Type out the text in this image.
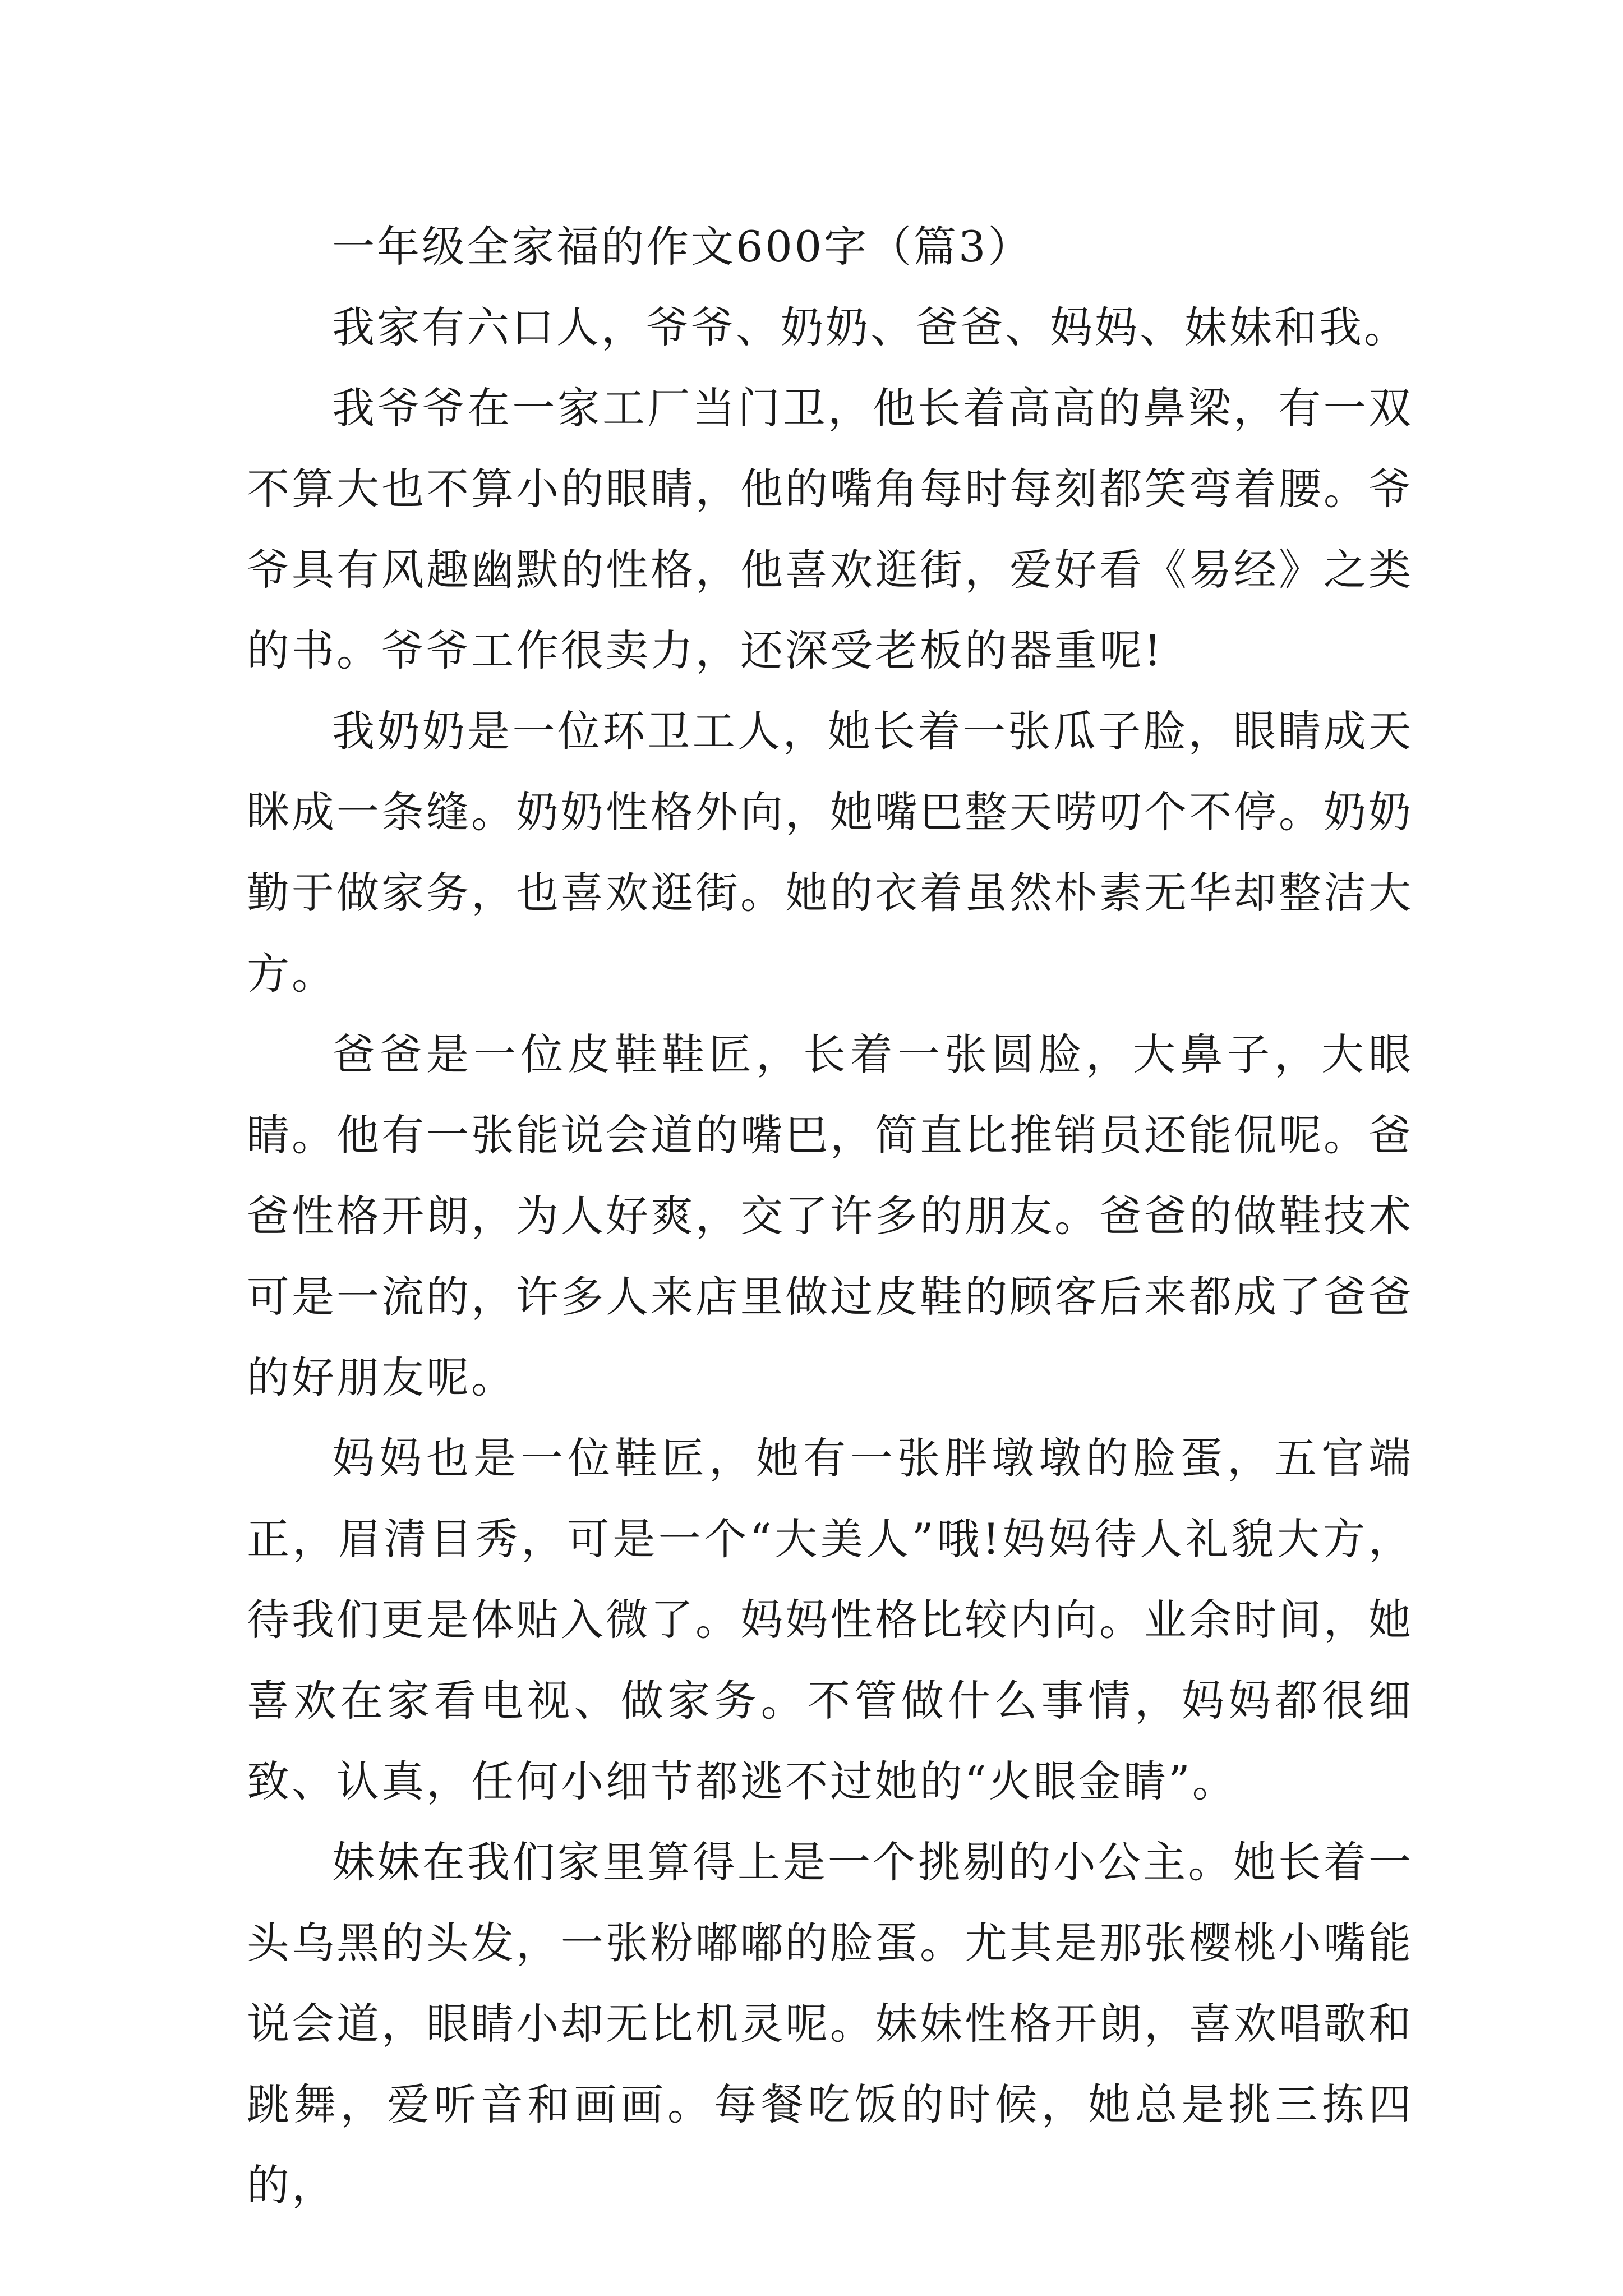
一年级全家福的作文600字（篇3）

我家有六口人，爷爷、奶奶、爸爸、妈妈、妹妹和我。

我爷爷在一家工厂当门卫，他长着高高的鼻梁，有一双不算大也不算小的眼睛，他的嘴角每时每刻都笑弯着腰。爷爷具有风趣幽默的性格，他喜欢逛街，爱好看《易经》之类的书。爷爷工作很卖力，还深受老板的器重呢!

我奶奶是一位环卫工人，她长着一张瓜子脸，眼睛成天眯成一条缝。奶奶性格外向，她嘴巴整天唠叨个不停。奶奶勤于做家务，也喜欢逛街。她的衣着虽然朴素无华却整洁大方。

爸爸是一位皮鞋鞋匠，长着一张圆脸，大鼻子，大眼睛。他有一张能说会道的嘴巴，简直比推销员还能侃呢。爸爸性格开朗，为人好爽，交了许多的朋友。爸爸的做鞋技术可是一流的，许多人来店里做过皮鞋的顾客后来都成了爸爸的好朋友呢。

妈妈也是一位鞋匠，她有一张胖墩墩的脸蛋，五官端正，眉清目秀，可是一个“大美人”哦!妈妈待人礼貌大方，待我们更是体贴入微了。妈妈性格比较内向。业余时间，她喜欢在家看电视、做家务。不管做什么事情，妈妈都很细致、认真，任何小细节都逃不过她的“火眼金睛”。

妹妹在我们家里算得上是一个挑剔的小公主。她长着一头乌黑的头发，一张粉嘟嘟的脸蛋。尤其是那张樱桃小嘴能说会道，眼睛小却无比机灵呢。妹妹性格开朗，喜欢唱歌和跳舞，爱听音和画画。每餐吃饭的时候，她总是挑三拣四的，
